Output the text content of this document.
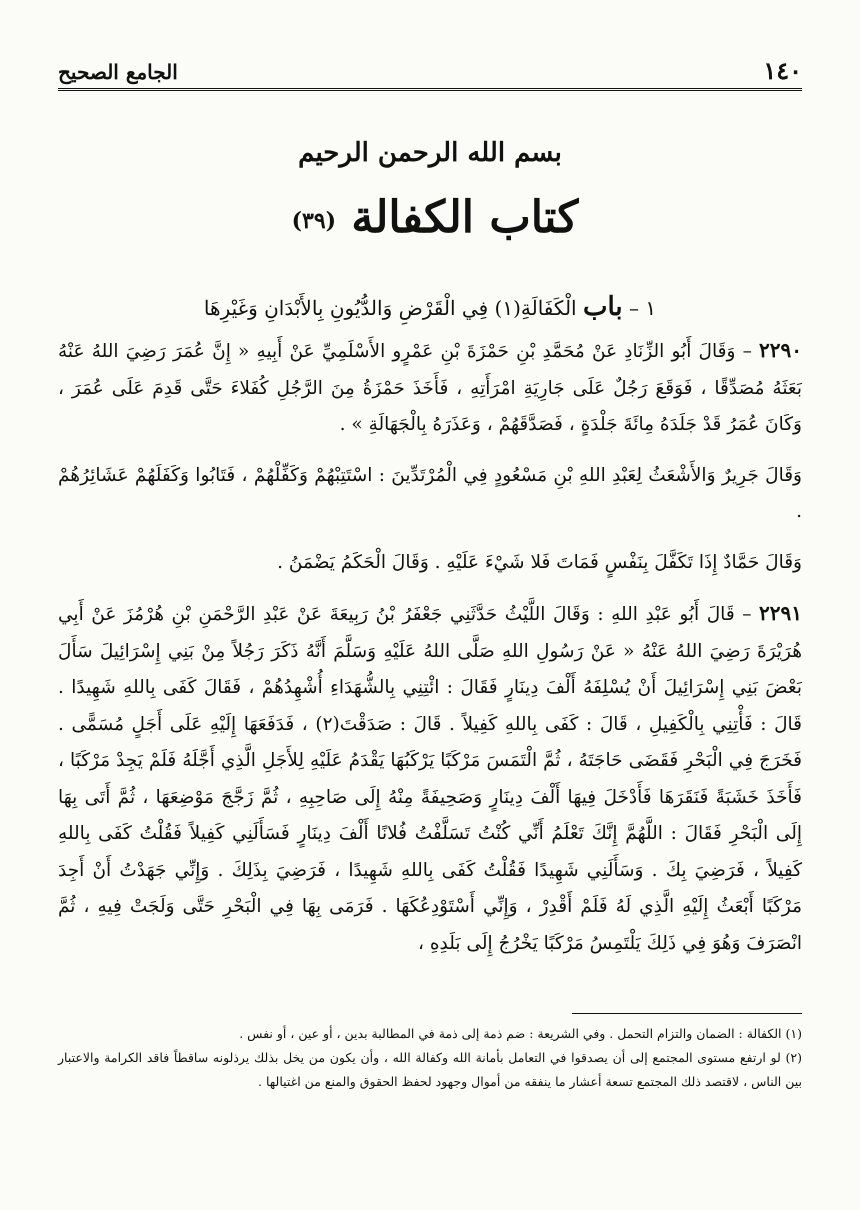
١٤٠
الجامع الصحيح
بسم الله الرحمن الرحيم
كتاب الكفالة (٣٩)
١ – باب الْكَفَالَةِ(١) فِي الْقَرْضِ وَالدُّيُونِ بِالأَبْدَانِ وَغَيْرِهَا

٢٢٩٠ – وَقَالَ أَبُو الزِّنَادِ عَنْ مُحَمَّدِ بْنِ حَمْزَةَ بْنِ عَمْرٍو الأَسْلَمِيِّ عَنْ أَبِيهِ « إِنَّ عُمَرَ رَضِيَ اللهُ عَنْهُ بَعَثَهُ مُصَدِّقًا ، فَوَقَعَ رَجُلٌ عَلَى جَارِيَةِ امْرَأَتِهِ ، فَأَخَذَ حَمْزَةُ مِنَ الرَّجُلِ كُفَلاءَ حَتَّى قَدِمَ عَلَى عُمَرَ ، وَكَانَ عُمَرُ قَدْ جَلَدَهُ مِائَةَ جَلْدَةٍ ، فَصَدَّقَهُمْ ، وَعَذَرَهُ بِالْجَهَالَةِ » .

وَقَالَ جَرِيرٌ وَالأَشْعَثُ لِعَبْدِ اللهِ بْنِ مَسْعُودٍ فِي الْمُرْتَدِّينَ : اسْتَتِبْهُمْ وَكَفِّلْهُمْ ، فَتَابُوا وَكَفَلَهُمْ عَشَائِرُهُمْ .

وَقَالَ حَمَّادٌ إِذَا تَكَفَّلَ بِنَفْسٍ فَمَاتَ فَلا شَيْءَ عَلَيْهِ . وَقَالَ الْحَكَمُ يَضْمَنُ .

٢٢٩١ – قَالَ أَبُو عَبْدِ اللهِ : وَقَالَ اللَّيْثُ حَدَّثَنِي جَعْفَرُ بْنُ رَبِيعَةَ عَنْ عَبْدِ الرَّحْمَنِ بْنِ هُرْمُزَ عَنْ أَبِي هُرَيْرَةَ رَضِيَ اللهُ عَنْهُ « عَنْ رَسُولِ اللهِ صَلَّى اللهُ عَلَيْهِ وَسَلَّمَ أَنَّهُ ذَكَرَ رَجُلاً مِنْ بَنِي إِسْرَائِيلَ سَأَلَ بَعْضَ بَنِي إِسْرَائِيلَ أَنْ يُسْلِفَهُ أَلْفَ دِينَارٍ فَقَالَ : ائْتِنِي بِالشُّهَدَاءِ أُشْهِدُهُمْ ، فَقَالَ كَفَى بِاللهِ شَهِيدًا . قَالَ : فَأْتِنِي بِالْكَفِيلِ ، قَالَ : كَفَى بِاللهِ كَفِيلاً . قَالَ : صَدَقْتَ(٢) ، فَدَفَعَهَا إِلَيْهِ عَلَى أَجَلٍ مُسَمًّى . فَخَرَجَ فِي الْبَحْرِ فَقَضَى حَاجَتَهُ ، ثُمَّ الْتَمَسَ مَرْكَبًا يَرْكَبُهَا يَقْدَمُ عَلَيْهِ لِلأَجَلِ الَّذِي أَجَّلَهُ فَلَمْ يَجِدْ مَرْكَبًا ، فَأَخَذَ خَشَبَةً فَنَقَرَهَا فَأَدْخَلَ فِيهَا أَلْفَ دِينَارٍ وَصَحِيفَةً مِنْهُ إِلَى صَاحِبِهِ ، ثُمَّ زَجَّجَ مَوْضِعَهَا ، ثُمَّ أَتَى بِهَا إِلَى الْبَحْرِ فَقَالَ : اللَّهُمَّ إِنَّكَ تَعْلَمُ أَنِّي كُنْتُ تَسَلَّفْتُ فُلانًا أَلْفَ دِينَارٍ فَسَأَلَنِي كَفِيلاً فَقُلْتُ كَفَى بِاللهِ كَفِيلاً ، فَرَضِيَ بِكَ . وَسَأَلَنِي شَهِيدًا فَقُلْتُ كَفَى بِاللهِ شَهِيدًا ، فَرَضِيَ بِذَلِكَ . وَإِنِّي جَهَدْتُ أَنْ أَجِدَ مَرْكَبًا أَبْعَثُ إِلَيْهِ الَّذِي لَهُ فَلَمْ أَقْدِرْ ، وَإِنِّي أَسْتَوْدِعُكَهَا . فَرَمَى بِهَا فِي الْبَحْرِ حَتَّى وَلَجَتْ فِيهِ ، ثُمَّ انْصَرَفَ وَهُوَ فِي ذَلِكَ يَلْتَمِسُ مَرْكَبًا يَخْرُجُ إِلَى بَلَدِهِ ،

(١) الكفالة : الضمان والتزام التحمل . وفي الشريعة : ضم ذمة إلى ذمة في المطالبة بدين ، أو عين ، أو نفس .

(٢) لو ارتفع مستوى المجتمع إلى أن يصدقوا في التعامل بأمانة الله وكفالة الله ، وأن يكون من يخل بذلك يرذلونه ساقطاً فاقد الكرامة والاعتبار بين الناس ، لاقتصد ذلك المجتمع تسعة أعشار ما ينفقه من أموال وجهود لحفظ الحقوق والمنع من اغتيالها .
